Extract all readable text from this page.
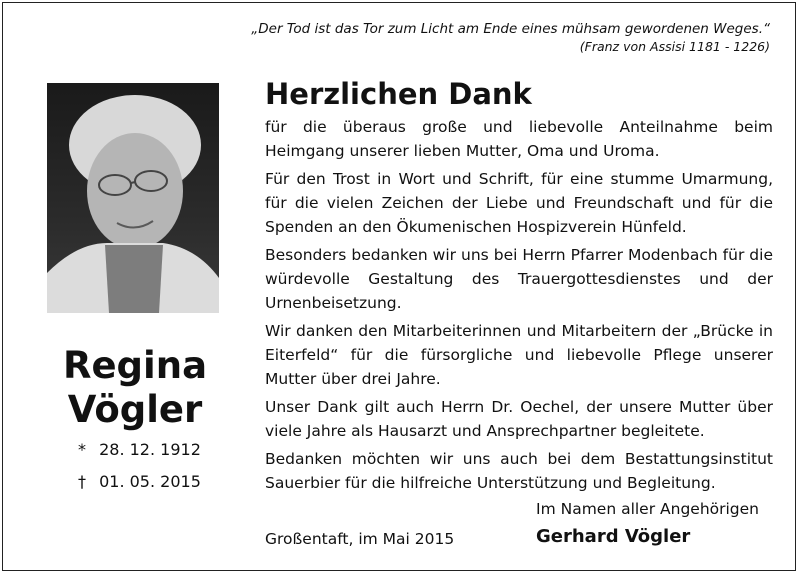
„Der Tod ist das Tor zum Licht am Ende eines mühsam gewordenen Weges.“
(Franz von Assisi 1181 - 1226)
Regina
Vögler
* 28. 12. 1912
† 01. 05. 2015
Herzlichen Dank

für die überaus große und liebevolle Anteilnahme beim Heimgang unserer lieben Mutter, Oma und Uroma.

Für den Trost in Wort und Schrift, für eine stumme Umarmung, für die vielen Zeichen der Liebe und Freundschaft und für die Spenden an den Ökumenischen Hospizverein Hünfeld.

Besonders bedanken wir uns bei Herrn Pfarrer Modenbach für die würdevolle Gestaltung des Trauergottesdienstes und der Urnenbeisetzung.

Wir danken den Mitarbeiterinnen und Mitarbeitern der „Brücke in Eiterfeld“ für die fürsorgliche und liebevolle Pflege unserer Mutter über drei Jahre.

Unser Dank gilt auch Herrn Dr. Oechel, der unsere Mutter über viele Jahre als Hausarzt und Ansprechpartner begleitete.

Bedanken möchten wir uns auch bei dem Bestattungsinstitut Sauerbier für die hilfreiche Unterstützung und Begleitung.

Großentaft, im Mai 2015
Im Namen aller Angehörigen
Gerhard Vögler
